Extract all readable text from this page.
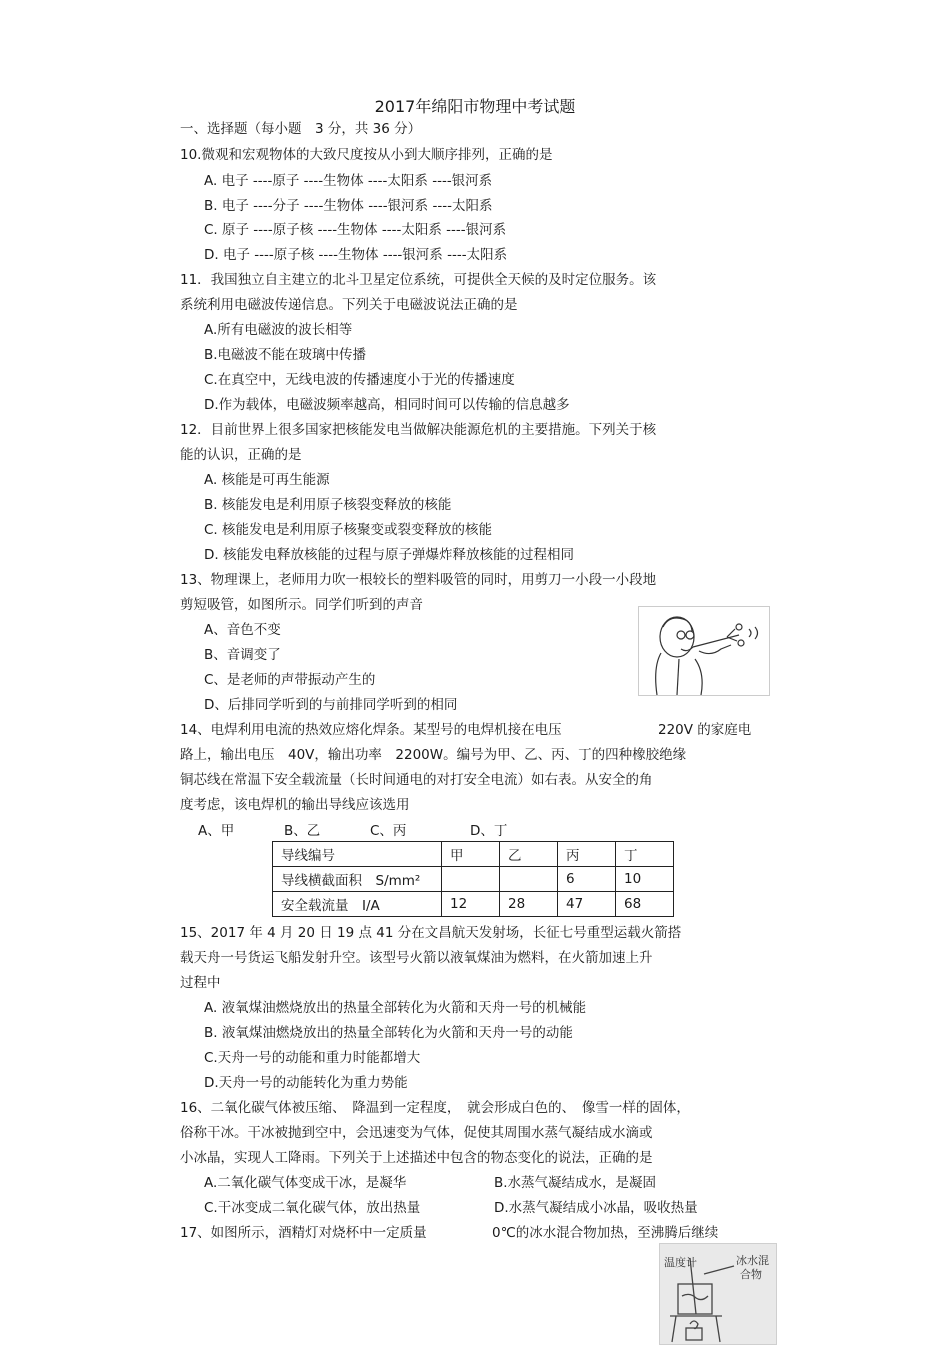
2017年绵阳市物理中考试题
一、选择题（每小题　3 分，共 36 分）
10.微观和宏观物体的大致尺度按从小到大顺序排列，正确的是
A. 电子 ----原子 ----生物体 ----太阳系 ----银河系
B. 电子 ----分子 ----生物体 ----银河系 ----太阳系
C. 原子 ----原子核 ----生物体 ----太阳系 ----银河系
D. 电子 ----原子核 ----生物体 ----银河系 ----太阳系
11．我国独立自主建立的北斗卫星定位系统，可提供全天候的及时定位服务。该
系统利用电磁波传递信息。下列关于电磁波说法正确的是
A.所有电磁波的波长相等
B.电磁波不能在玻璃中传播
C.在真空中，无线电波的传播速度小于光的传播速度
D.作为载体，电磁波频率越高，相同时间可以传输的信息越多
12．目前世界上很多国家把核能发电当做解决能源危机的主要措施。下列关于核
能的认识，正确的是
A. 核能是可再生能源
B. 核能发电是利用原子核裂变释放的核能
C. 核能发电是利用原子核聚变或裂变释放的核能
D. 核能发电释放核能的过程与原子弹爆炸释放核能的过程相同
13、物理课上，老师用力吹一根较长的塑料吸管的同时，用剪刀一小段一小段地
剪短吸管，如图所示。同学们听到的声音
A、音色不变
B、音调变了
C、是老师的声带振动产生的
D、后排同学听到的与前排同学听到的相同
14、电焊利用电流的热效应熔化焊条。某型号的电焊机接在电压	220V 的家庭电
路上，输出电压　40V，输出功率　2200W。编号为甲、乙、丙、丁的四种橡胶绝缘
铜芯线在常温下安全载流量（长时间通电的对打安全电流）如右表。从安全的角
度考虑，该电焊机的输出导线应该选用
A、甲	B、乙	C、丙	D、丁
导线编号	甲	乙	丙	丁
导线横截面积　S/mm²			6	10
安全载流量　I/A	12	28	47	68
15、2017 年 4 月 20 日 19 点 41 分在文昌航天发射场，长征七号重型运载火箭搭
载天舟一号货运飞船发射升空。该型号火箭以液氧煤油为燃料，在火箭加速上升
过程中
A. 液氧煤油燃烧放出的热量全部转化为火箭和天舟一号的机械能
B. 液氧煤油燃烧放出的热量全部转化为火箭和天舟一号的动能
C.天舟一号的动能和重力时能都增大
D.天舟一号的动能转化为重力势能
16、二氧化碳气体被压缩、　降温到一定程度，　就会形成白色的、　像雪一样的固体，
俗称干冰。干冰被抛到空中，会迅速变为气体，促使其周围水蒸气凝结成水滴或
小冰晶，实现人工降雨。下列关于上述描述中包含的物态变化的说法，正确的是
A.二氧化碳气体变成干冰，是凝华	B.水蒸气凝结成水，是凝固
C.干冰变成二氧化碳气体，放出热量	D.水蒸气凝结成小冰晶，吸收热量
17、如图所示，酒精灯对烧杯中一定质量	0℃的冰水混合物加热，至沸腾后继续
温度计	冰水混
合物
